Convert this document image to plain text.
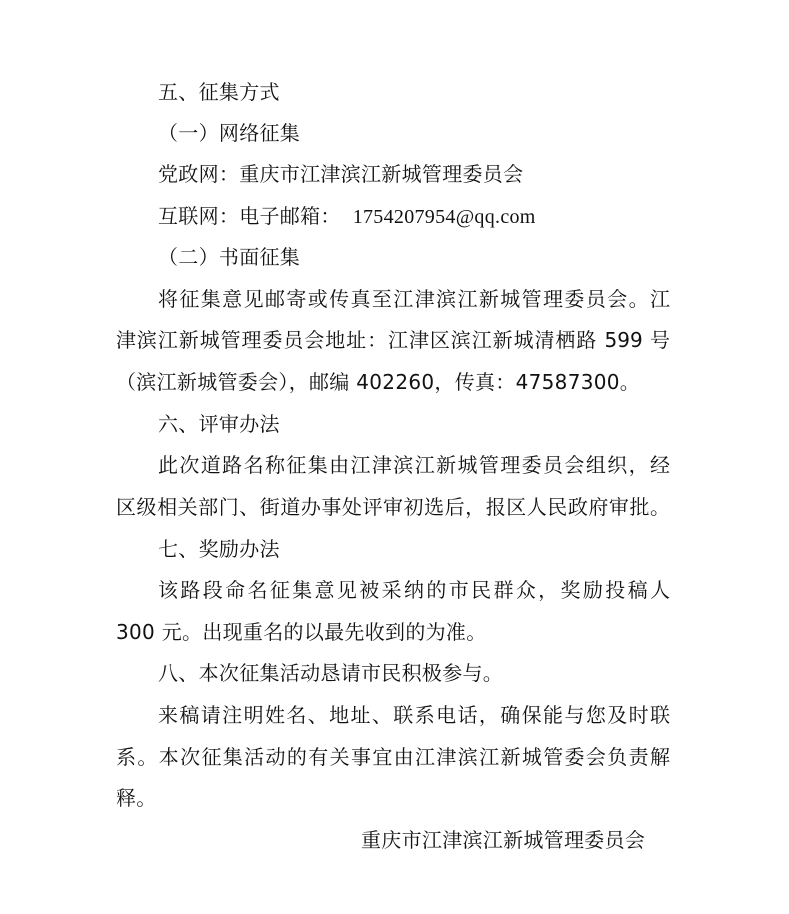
五、征集方式
（一）网络征集
党政网：重庆市江津滨江新城管理委员会
互联网：电子邮箱： 1754207954@qq.com
（二）书面征集
将征集意见邮寄或传真至江津滨江新城管理委员会。江
津滨江新城管理委员会地址：江津区滨江新城清栖路 599 号
（滨江新城管委会），邮编 402260，传真：47587300。
六、评审办法
此次道路名称征集由江津滨江新城管理委员会组织，经
区级相关部门、街道办事处评审初选后，报区人民政府审批。
七、奖励办法
该路段命名征集意见被采纳的市民群众，奖励投稿人
300 元。出现重名的以最先收到的为准。
八、本次征集活动恳请市民积极参与。
来稿请注明姓名、地址、联系电话，确保能与您及时联
系。本次征集活动的有关事宜由江津滨江新城管委会负责解
释。
重庆市江津滨江新城管理委员会
